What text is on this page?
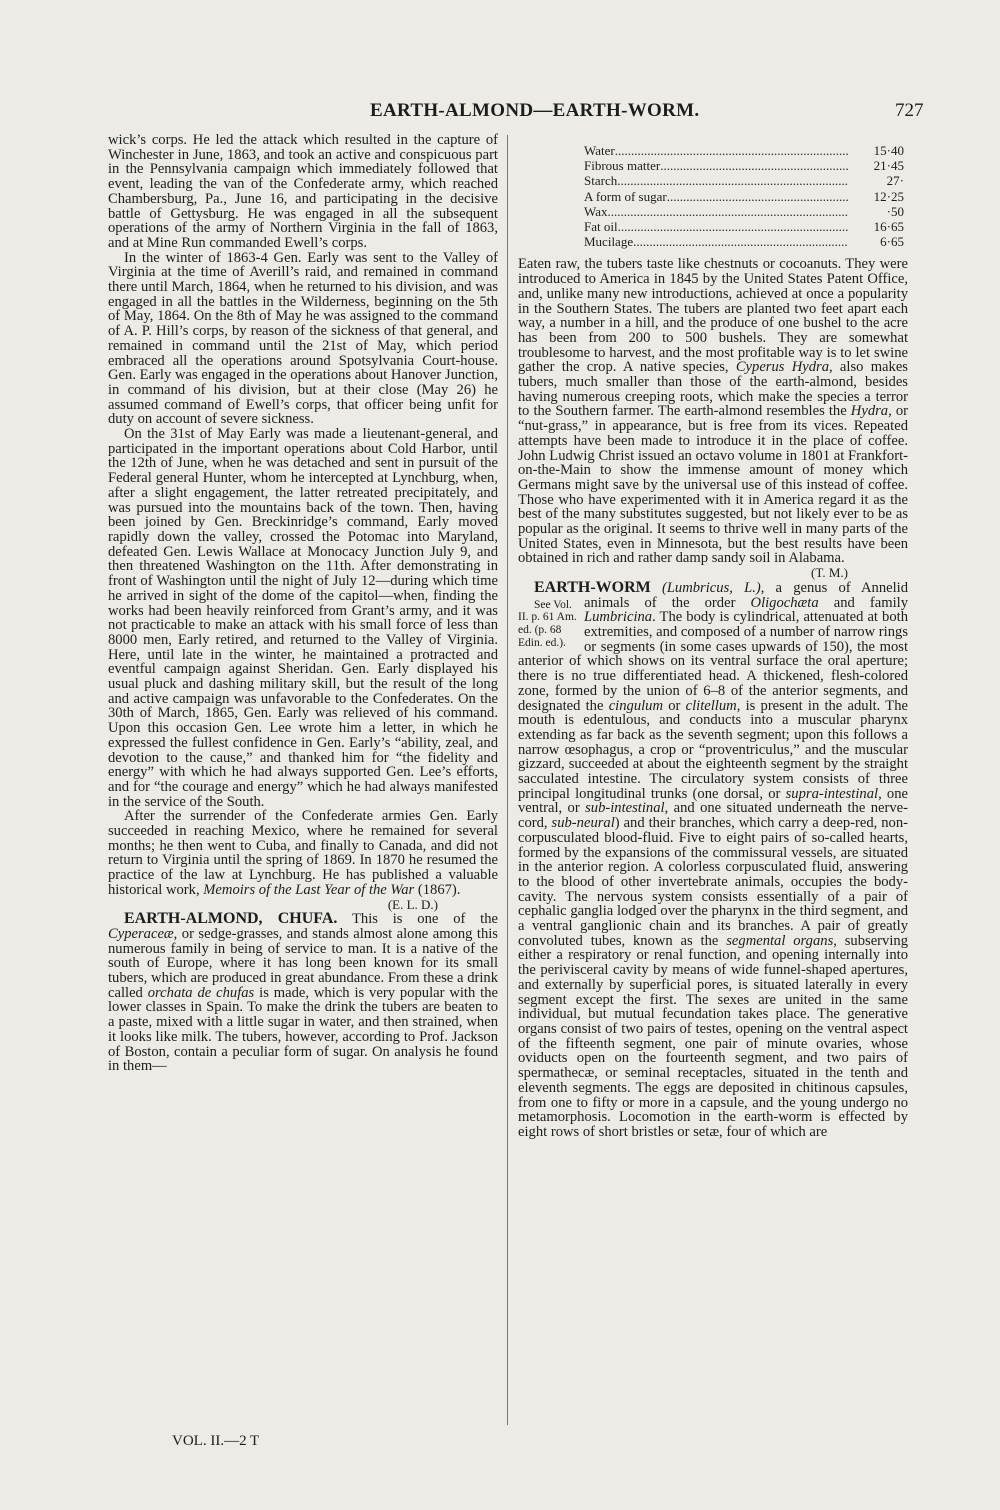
EARTH-ALMOND—EARTH-WORM.	727

wick’s corps. He led the attack which resulted in the capture of Winchester in June, 1863, and took an active and conspicuous part in the Pennsylvania campaign which immediately followed that event, leading the van of the Confederate army, which reached Chambersburg, Pa., June 16, and participating in the decisive battle of Gettysburg. He was engaged in all the subsequent operations of the army of Northern Virginia in the fall of 1863, and at Mine Run commanded Ewell’s corps.

In the winter of 1863-4 Gen. Early was sent to the Valley of Virginia at the time of Averill’s raid, and remained in command there until March, 1864, when he returned to his division, and was engaged in all the battles in the Wilderness, beginning on the 5th of May, 1864. On the 8th of May he was assigned to the command of A. P. Hill’s corps, by reason of the sickness of that general, and remained in command until the 21st of May, which period embraced all the operations around Spotsylvania Court-house. Gen. Early was engaged in the operations about Hanover Junction, in command of his division, but at their close (May 26) he assumed command of Ewell’s corps, that officer being unfit for duty on account of severe sickness.

On the 31st of May Early was made a lieutenant-general, and participated in the important operations about Cold Harbor, until the 12th of June, when he was detached and sent in pursuit of the Federal general Hunter, whom he intercepted at Lynchburg, when, after a slight engagement, the latter retreated precipitately, and was pursued into the mountains back of the town. Then, having been joined by Gen. Breckinridge’s command, Early moved rapidly down the valley, crossed the Potomac into Maryland, defeated Gen. Lewis Wallace at Monocacy Junction July 9, and then threatened Washington on the 11th. After demonstrating in front of Washington until the night of July 12—during which time he arrived in sight of the dome of the capitol—when, finding the works had been heavily reinforced from Grant’s army, and it was not practicable to make an attack with his small force of less than 8000 men, Early retired, and returned to the Valley of Virginia. Here, until late in the winter, he maintained a protracted and eventful campaign against Sheridan. Gen. Early displayed his usual pluck and dashing military skill, but the result of the long and active campaign was unfavorable to the Confederates. On the 30th of March, 1865, Gen. Early was relieved of his command. Upon this occasion Gen. Lee wrote him a letter, in which he expressed the fullest confidence in Gen. Early’s “ability, zeal, and devotion to the cause,” and thanked him for “the fidelity and energy” with which he had always supported Gen. Lee’s efforts, and for “the courage and energy” which he had always manifested in the service of the South.

After the surrender of the Confederate armies Gen. Early succeeded in reaching Mexico, where he remained for several months; he then went to Cuba, and finally to Canada, and did not return to Virginia until the spring of 1869. In 1870 he resumed the practice of the law at Lynchburg. He has published a valuable historical work, Memoirs of the Last Year of the War (1867).

(E. L. D.)

EARTH-ALMOND, CHUFA. This is one of the Cyperaceæ, or sedge-grasses, and stands almost alone among this numerous family in being of service to man. It is a native of the south of Europe, where it has long been known for its small tubers, which are produced in great abundance. From these a drink called orchata de chufas is made, which is very popular with the lower classes in Spain. To make the drink the tubers are beaten to a paste, mixed with a little sugar in water, and then strained, when it looks like milk. The tubers, however, according to Prof. Jackson of Boston, contain a peculiar form of sugar. On analysis he found in them—

Water .....	15·40
Fibrous matter .....	21·45
Starch .....	27·
A form of sugar .....	12·25
Wax .....	·50
Fat oil .....	16·65
Mucilage .....	6·65

Eaten raw, the tubers taste like chestnuts or cocoanuts. They were introduced to America in 1845 by the United States Patent Office, and, unlike many new introductions, achieved at once a popularity in the Southern States. The tubers are planted two feet apart each way, a number in a hill, and the produce of one bushel to the acre has been from 200 to 500 bushels. They are somewhat troublesome to harvest, and the most profitable way is to let swine gather the crop. A native species, Cyperus Hydra, also makes tubers, much smaller than those of the earth-almond, besides having numerous creeping roots, which make the species a terror to the Southern farmer. The earth-almond resembles the Hydra, or “nut-grass,” in appearance, but is free from its vices. Repeated attempts have been made to introduce it in the place of coffee. John Ludwig Christ issued an octavo volume in 1801 at Frankfort-on-the-Main to show the immense amount of money which Germans might save by the universal use of this instead of coffee. Those who have experimented with it in America regard it as the best of the many substitutes suggested, but not likely ever to be as popular as the original. It seems to thrive well in many parts of the United States, even in Minnesota, but the best results have been obtained in rich and rather damp sandy soil in Alabama.

(T. M.)

EARTH-WORM (Lumbricus, L.), a genus of Annelid animals of the order
See Vol. II. p. 61 Am. ed. (p. 68 Edin. ed.).
Oligochæta and family Lumbricina. The body is cylindrical, attenuated at both extremities, and composed of a number of narrow rings or segments (in some cases upwards of 150), the most anterior of which shows on its ventral surface the oral aperture; there is no true differentiated head. A thickened, flesh-colored zone, formed by the union of 6–8 of the anterior segments, and designated the cingulum or clitellum, is present in the adult. The mouth is edentulous, and conducts into a muscular pharynx extending as far back as the seventh segment; upon this follows a narrow œsophagus, a crop or “proventriculus,” and the muscular gizzard, succeeded at about the eighteenth segment by the straight sacculated intestine. The circulatory system consists of three principal longitudinal trunks (one dorsal, or supra-intestinal, one ventral, or sub-intestinal, and one situated underneath the nerve-cord, sub-neural) and their branches, which carry a deep-red, non-corpusculated blood-fluid. Five to eight pairs of so-called hearts, formed by the expansions of the commissural vessels, are situated in the anterior region. A colorless corpusculated fluid, answering to the blood of other invertebrate animals, occupies the body-cavity. The nervous system consists essentially of a pair of cephalic ganglia lodged over the pharynx in the third segment, and a ventral ganglionic chain and its branches. A pair of greatly convoluted tubes, known as the segmental organs, subserving either a respiratory or renal function, and opening internally into the perivisceral cavity by means of wide funnel-shaped apertures, and externally by superficial pores, is situated laterally in every segment except the first. The sexes are united in the same individual, but mutual fecundation takes place. The generative organs consist of two pairs of testes, opening on the ventral aspect of the fifteenth segment, one pair of minute ovaries, whose oviducts open on the fourteenth segment, and two pairs of spermathecæ, or seminal receptacles, situated in the tenth and eleventh segments. The eggs are deposited in chitinous capsules, from one to fifty or more in a capsule, and the young undergo no metamorphosis. Locomotion in the earth-worm is effected by eight rows of short bristles or setæ, four of which are

VOL. II.—2 T
